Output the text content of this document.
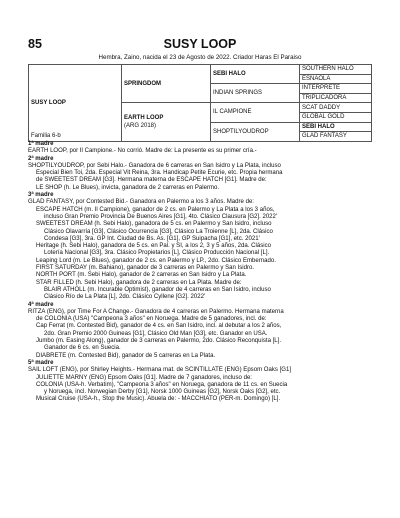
85	SUSY LOOP
Hembra, Zaino, nacida el 23 de Agosto de 2022. Criador Haras El Paraiso
SUSY LOOP
Familia 6-b	SPRINGDOM	SEBI HALO	SOUTHERN HALO
			ESNAOLA
		INDIAN SPRINGS	INTERPRETE
			TRIPLICADORA

	EARTH LOOP
(ARG 2018)	IL CAMPIONE	SCAT DADDY
			GLOBAL GOLD
		SHOPTILYOUDROP	SEBI HALO
			GLAD FANTASY
1ª madre
EARTH LOOP, por Il Campione.- No corrió. Madre de: La presente es su primer cría.-
2ª madre
SHOPTILYOUDROP, por Sebi Halo.- Ganadora de 6 carreras en San Isidro y La Plata, incluso
Especial Bien Toi, 2da. Especial Vit Reina, 3ra. Handicap Petite Ecurie, etc. Propia hermana
de SWEETEST DREAM [G3]. Hermana materna de ESCAPE HATCH [G1]. Madre de:
LE SHOP (h. Le Blues), invicta, ganadora de 2 carreras en Palermo.
3ª madre
GLAD FANTASY, por Contested Bid.- Ganadora en Palermo a los 3 años. Madre de:
ESCAPE HATCH (m. Il Campione), ganador de 2 cs. en Palermo y La Plata a los 3 años,
incluso Gran Premio Provincia De Buenos Aires [G1], 4to. Clásico Clausura [G2]. 2022'
SWEETEST DREAM (h. Sebi Halo), ganadora de 5 cs. en Palermo y San Isidro, incluso
Clásico Olavarría [G3], Clásico Ocurrencia [G3], Clásico La Troienne [L], 2da. Clásico
Condesa [G3], 3ra. GP Int. Ciudad de Bs. As. [G1], GP Suipacha [G1], etc. 2021'
Heritage (h. Sebi Halo), ganadora de 5 cs. en Pal. y SI, a los 2, 3 y 5 años, 2da. Clásico
Lotería Nacional [G3], 3ra. Clásico Propietarios [L], Clásico Producción Nacional [L].
Leaping Lord (m. Le Blues), ganador de 2 cs. en Palermo y LP., 2do. Clásico Embernado.
FIRST SATURDAY (m. Bahiano), ganador de 3 carreras en Palermo y San Isidro.
NORTH PORT (m. Sebi Halo), ganador de 2 carreras en San Isidro y La Plata.
STAR FILLED (h. Sebi Halo), ganadora de 2 carreras en La Plata. Madre de:
BLAIR ATHOLL (m. Incurable Optimist), ganador de 4 carreras en San Isidro, incluso
Clásico Río de La Plata [L], 2do. Clásico Cyllene [G2]. 2022'
4ª madre
RITZA (ENG), por Time For A Change.- Ganadora de 4 carreras en Palermo. Hermana materna
de COLONIA (USA) "Campeona 3 años" en Noruega. Madre de 5 ganadores, incl. de:
Cap Ferrat (m. Contested Bid), ganador de 4 cs. en San Isidro, incl. al debutar a los 2 años,
2do. Gran Premio 2000 Guineas [G1], Clásico Old Man [G3], etc. Ganador en USA.
Jumbo (m. Easing Along), ganador de 3 carreras en Palermo, 2do. Clásico Reconquista [L].
Ganador de 6 cs. en Suecia.
DIABRETE (m. Contested Bid), ganador de 5 carreras en La Plata.
5ª madre
SAIL LOFT (ENG), por Shirley Heights.- Hermana mat. de SCINTILLATE (ENG) Epsom Oaks [G1]
JULIETTE MARNY (ENG) Epsom Oaks [G1]. Madre de 7 ganadores, incluso de:
COLONIA (USA-h. Verbatim), "Campeona 3 años" en Noruega, ganadora de 11 cs. en Suecia
y Noruega, incl. Norwegian Derby [G1], Norsk 1000 Guineas [G2], Norsk Oaks [G2], etc.
Musical Cruise (USA-h., Stop the Music). Abuela de: - MACCHIATO (PER-m. Domingo) [L].
